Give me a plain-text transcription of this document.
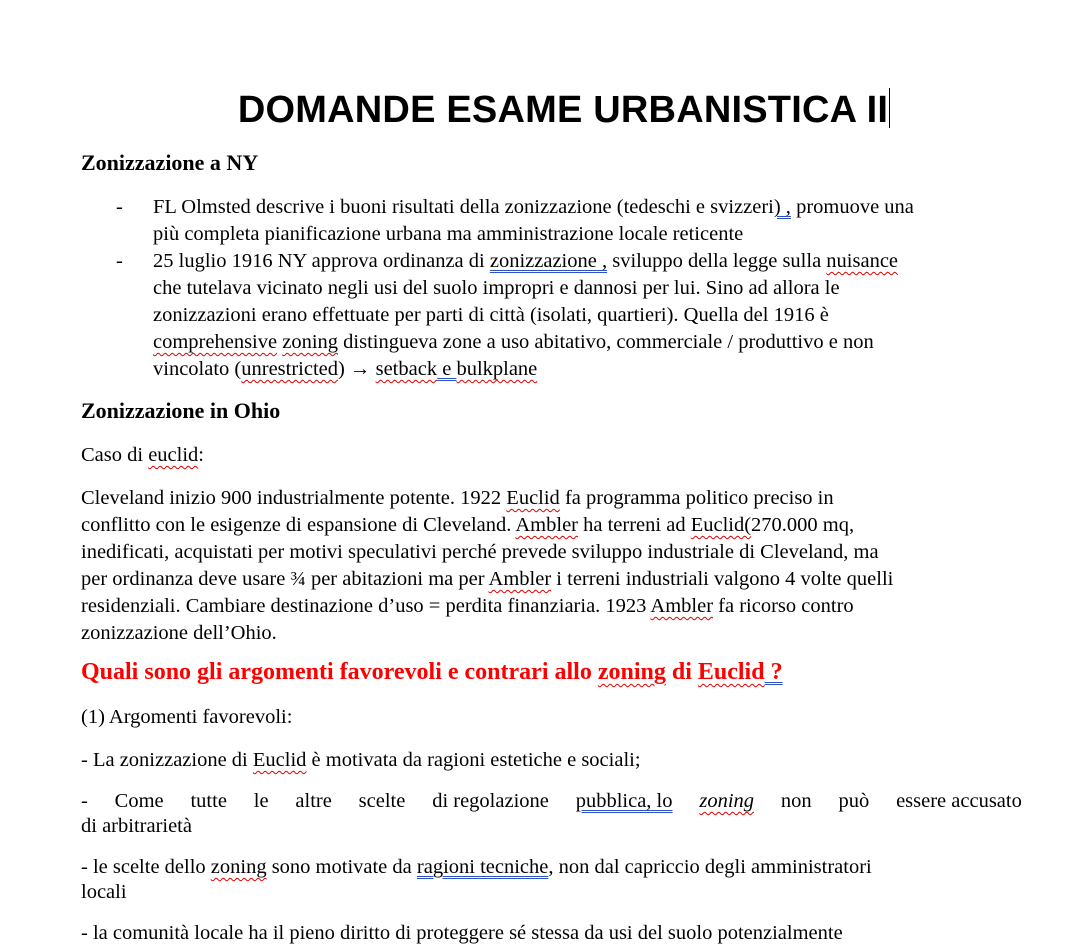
DOMANDE ESAME URBANISTICA II
Zonizzazione a NY
- FL Olmsted descrive i buoni risultati della zonizzazione (tedeschi e svizzeri) , promuove una
più completa pianificazione urbana ma amministrazione locale reticente
- 25 luglio 1916 NY approva ordinanza di zonizzazione , sviluppo della legge sulla nuisance
che tutelava vicinato negli usi del suolo impropri e dannosi per lui. Sino ad allora le
zonizzazioni erano effettuate per parti di città (isolati, quartieri). Quella del 1916 è
comprehensive zoning distingueva zone a uso abitativo, commerciale / produttivo e non
vincolato (unrestricted) → setback e bulkplane
Zonizzazione in Ohio
Caso di euclid:
Cleveland inizio 900 industrialmente potente. 1922 Euclid fa programma politico preciso in
conflitto con le esigenze di espansione di Cleveland. Ambler ha terreni ad Euclid(270.000 mq,
inedificati, acquistati per motivi speculativi perché prevede sviluppo industriale di Cleveland, ma
per ordinanza deve usare ¾ per abitazioni ma per Ambler i terreni industriali valgono 4 volte quelli
residenziali. Cambiare destinazione d’uso = perdita finanziaria. 1923 Ambler fa ricorso contro
zonizzazione dell’Ohio.
Quali sono gli argomenti favorevoli e contrari allo zoning di Euclid ?
(1) Argomenti favorevoli:
- La zonizzazione di Euclid è motivata da ragioni estetiche e sociali;
- Come tutte le altre scelte di regolazione pubblica, lo zoning non può essere accusato
di arbitrarietà
- le scelte dello zoning sono motivate da ragioni tecniche, non dal capriccio degli amministratori
locali
- la comunità locale ha il pieno diritto di proteggere sé stessa da usi del suolo potenzialmente
